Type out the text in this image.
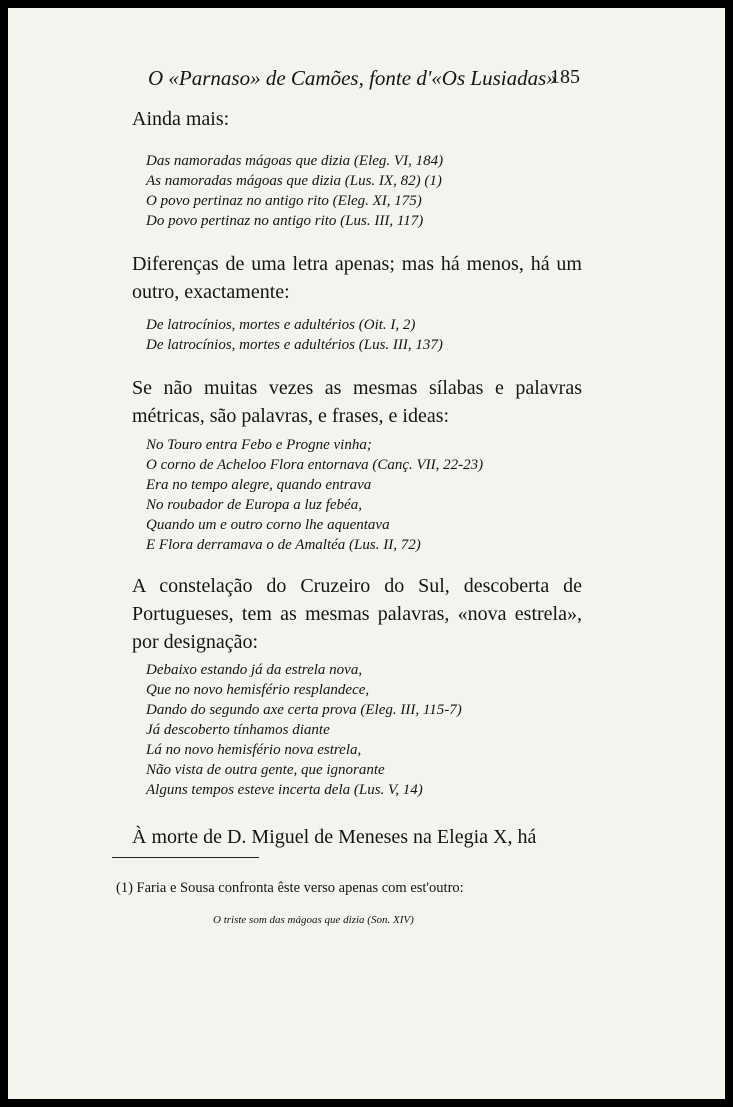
O «Parnaso» de Camões, fonte d'«Os Lusiadas»
185

Ainda mais:

Das namoradas mágoas que dizia (Eleg. VI, 184)
As namoradas mágoas que dizia (Lus. IX, 82) (1)
O povo pertinaz no antigo rito (Eleg. XI, 175)
Do povo pertinaz no antigo rito (Lus. III, 117)

Diferenças de uma letra apenas; mas há menos, há um outro, exactamente:

De latrocínios, mortes e adultérios (Oit. I, 2)
De latrocínios, mortes e adultérios (Lus. III, 137)

Se não muitas vezes as mesmas sílabas e palavras métricas, são palavras, e frases, e ideas:

No Touro entra Febo e Progne vinha;
O corno de Acheloo Flora entornava (Canç. VII, 22-23)
Era no tempo alegre, quando entrava
No roubador de Europa a luz febéa,
Quando um e outro corno lhe aquentava
E Flora derramava o de Amaltéa (Lus. II, 72)

A constelação do Cruzeiro do Sul, descoberta de Portugueses, tem as mesmas palavras, «nova estrela», por designação:

Debaixo estando já da estrela nova,
Que no novo hemisfério resplandece,
Dando do segundo axe certa prova (Eleg. III, 115-7)
Já descoberto tínhamos diante
Lá no novo hemisfério nova estrela,
Não vista de outra gente, que ignorante
Alguns tempos esteve incerta dela (Lus. V, 14)

À morte de D. Miguel de Meneses na Elegia X, há

(1) Faria e Sousa confronta êste verso apenas com est'outro:
O triste som das mágoas que dizia (Son. XIV)
